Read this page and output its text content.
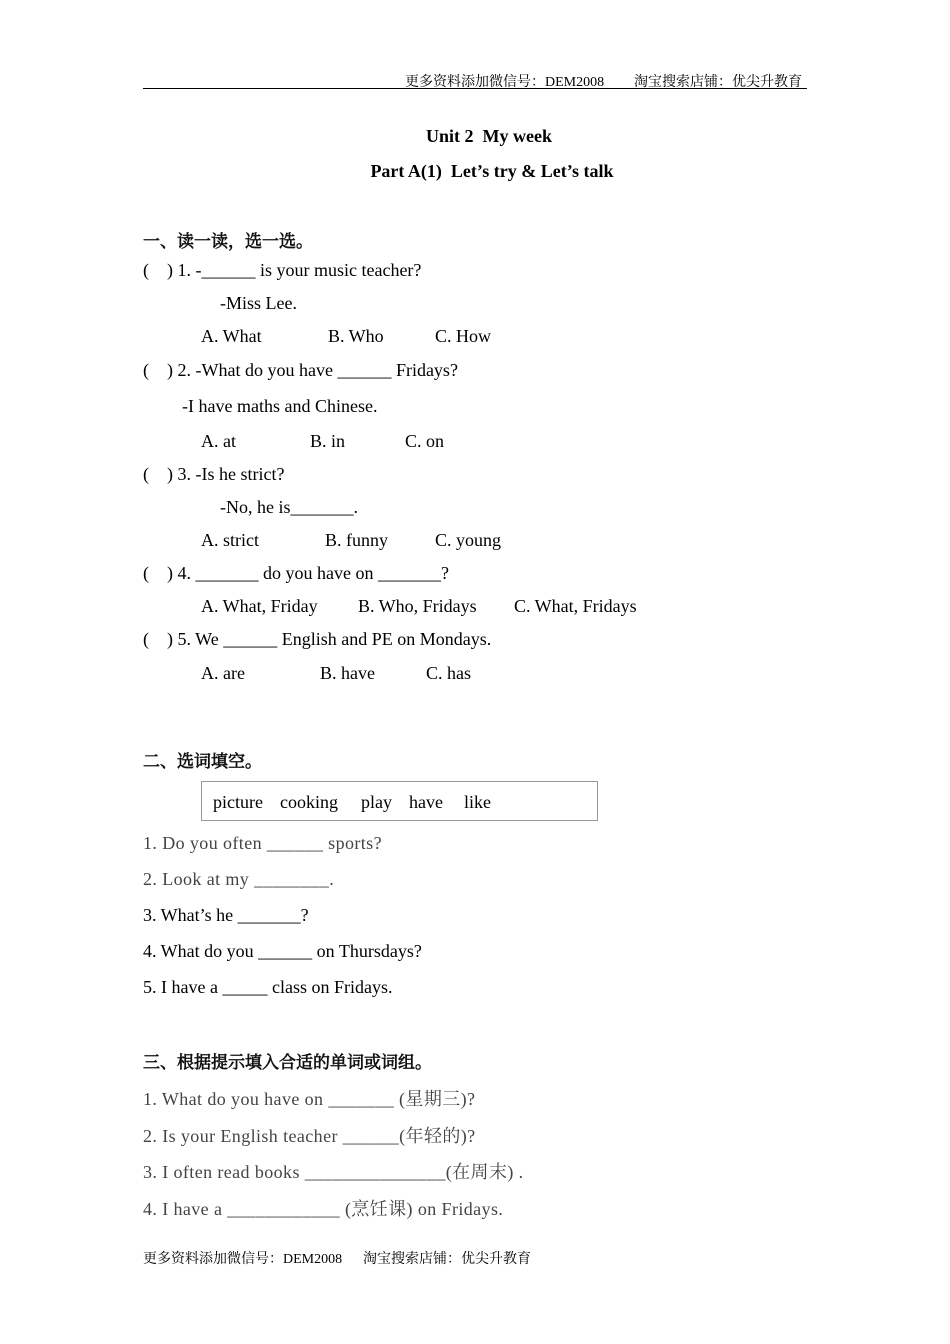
更多资料添加微信号：DEM2008 淘宝搜索店铺：优尖升教育
Unit 2  My week
Part A(1)  Let’s try & Let’s talk
一、读一读，选一选。
(    ) 1. -______ is your music teacher?
-Miss Lee.
A. What	B. Who	C. How
(    ) 2. -What do you have ______ Fridays?
-I have maths and Chinese.
A. at	B. in	C. on
(    ) 3. -Is he strict?
-No, he is_______.
A. strict	B. funny	C. young
(    ) 4. _______ do you have on _______?
A. What, Friday B. Who, Fridays C. What, Fridays
(    ) 5. We ______ English and PE on Mondays.
A. are	B. have	C. has
二、选词填空。
picture cooking play have like
1. Do you often ______ sports?
2. Look at my ________.
3. What’s he _______?
4. What do you ______ on Thursdays?
5. I have a _____ class on Fridays.
三、根据提示填入合适的单词或词组。
1. What do you have on _______ (星期三)?
2. Is your English teacher ______(年轻的)?
3. I often read books _______________(在周末) .
4. I have a ____________ (烹饪课) on Fridays.
更多资料添加微信号：DEM2008 淘宝搜索店铺：优尖升教育
